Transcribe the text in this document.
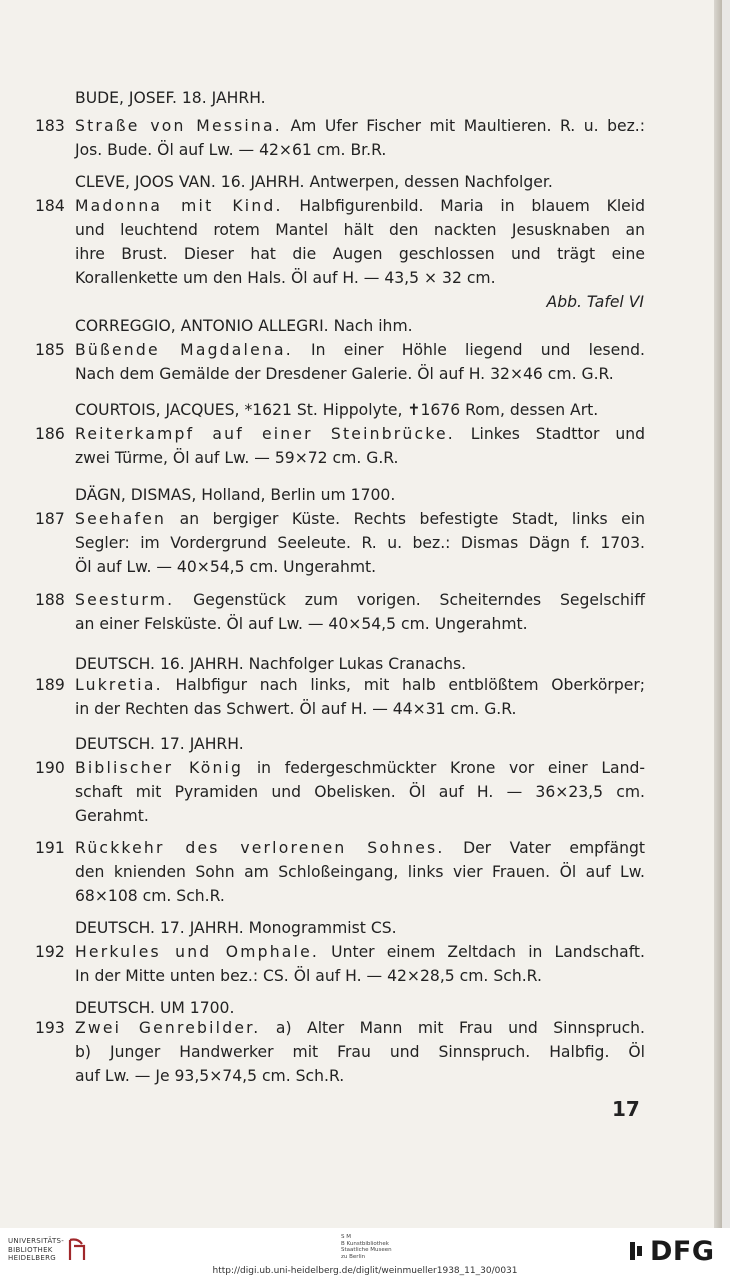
BUDE, JOSEF. 18. JAHRH.
183 Straße von Messina. Am Ufer Fischer mit Maultieren. R. u. bez.:
Jos. Bude. Öl auf Lw. — 42×61 cm. Br.R.
CLEVE, JOOS VAN. 16. JAHRH. Antwerpen, dessen Nachfolger.
184 Madonna mit Kind. Halbfigurenbild. Maria in blauem Kleid
und leuchtend rotem Mantel hält den nackten Jesusknaben an
ihre Brust. Dieser hat die Augen geschlossen und trägt eine
Korallenkette um den Hals. Öl auf H. — 43,5 × 32 cm.
Abb. Tafel VI
CORREGGIO, ANTONIO ALLEGRI. Nach ihm.
185 Büßende Magdalena. In einer Höhle liegend und lesend.
Nach dem Gemälde der Dresdener Galerie. Öl auf H. 32×46 cm. G.R.
COURTOIS, JACQUES, *1621 St. Hippolyte, ✝1676 Rom, dessen Art.
186 Reiterkampf auf einer Steinbrücke. Linkes Stadttor und
zwei Türme, Öl auf Lw. — 59×72 cm. G.R.
DÄGN, DISMAS, Holland, Berlin um 1700.
187 Seehafen an bergiger Küste. Rechts befestigte Stadt, links ein
Segler: im Vordergrund Seeleute. R. u. bez.: Dismas Dägn f. 1703.
Öl auf Lw. — 40×54,5 cm. Ungerahmt.
188 Seesturm. Gegenstück zum vorigen. Scheiterndes Segelschiff
an einer Felsküste. Öl auf Lw. — 40×54,5 cm. Ungerahmt.
DEUTSCH. 16. JAHRH. Nachfolger Lukas Cranachs.
189 Lukretia. Halbfigur nach links, mit halb entblößtem Oberkörper;
in der Rechten das Schwert. Öl auf H. — 44×31 cm. G.R.
DEUTSCH. 17. JAHRH.
190 Biblischer König in federgeschmückter Krone vor einer Land-
schaft mit Pyramiden und Obelisken. Öl auf H. — 36×23,5 cm.
Gerahmt.
191 Rückkehr des verlorenen Sohnes. Der Vater empfängt
den knienden Sohn am Schloßeingang, links vier Frauen. Öl auf Lw.
68×108 cm. Sch.R.
DEUTSCH. 17. JAHRH. Monogrammist CS.
192 Herkules und Omphale. Unter einem Zeltdach in Landschaft.
In der Mitte unten bez.: CS. Öl auf H. — 42×28,5 cm. Sch.R.
DEUTSCH. UM 1700.
193 Zwei Genrebilder. a) Alter Mann mit Frau und Sinnspruch.
b) Junger Handwerker mit Frau und Sinnspruch. Halbfig. Öl
auf Lw. — Je 93,5×74,5 cm. Sch.R.
17
UNIVERSITÄTS-
BIBLIOTHEK
HEIDELBERG
S M
B Kunstbibliothek
Staatliche Museen
zu Berlin
http://digi.ub.uni-heidelberg.de/diglit/weinmueller1938_11_30/0031
DFG
